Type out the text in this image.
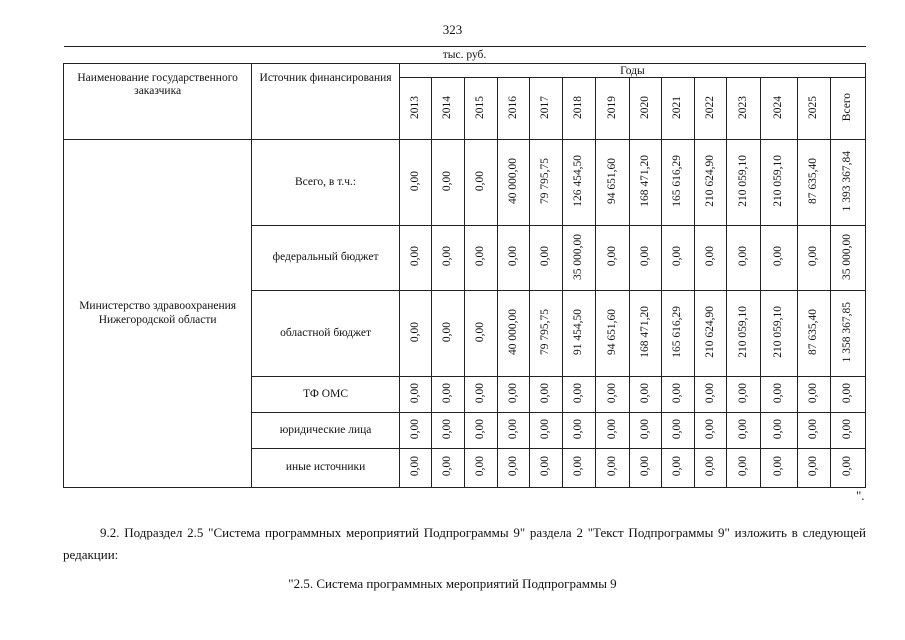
323
тыс. руб.															
Наименование государственного заказчика	Источник финансирования	Годы													
		2013	2014	2015	2016	2017	2018	2019	2020	2021	2022	2023	2024	2025	Всего
Министерство здравоохранения Нижегородской области	Всего, в т.ч.:	0,00	0,00	0,00	40 000,00	79 795,75	126 454,50	94 651,60	168 471,20	165 616,29	210 624,90	210 059,10	210 059,10	87 635,40	1 393 367,84
	федеральный бюджет	0,00	0,00	0,00	0,00	0,00	35 000,00	0,00	0,00	0,00	0,00	0,00	0,00	0,00	35 000,00
	областной бюджет	0,00	0,00	0,00	40 000,00	79 795,75	91 454,50	94 651,60	168 471,20	165 616,29	210 624,90	210 059,10	210 059,10	87 635,40	1 358 367,85
	ТФ ОМС	0,00	0,00	0,00	0,00	0,00	0,00	0,00	0,00	0,00	0,00	0,00	0,00	0,00	0,00
	юридические лица	0,00	0,00	0,00	0,00	0,00	0,00	0,00	0,00	0,00	0,00	0,00	0,00	0,00	0,00
	иные источники	0,00	0,00	0,00	0,00	0,00	0,00	0,00	0,00	0,00	0,00	0,00	0,00	0,00	0,00
".
9.2. Подраздел 2.5 "Система программных мероприятий Подпрограммы 9" раздела 2 "Текст Подпрограммы 9" изложить в следующей редакции:
"2.5. Система программных мероприятий Подпрограммы 9
